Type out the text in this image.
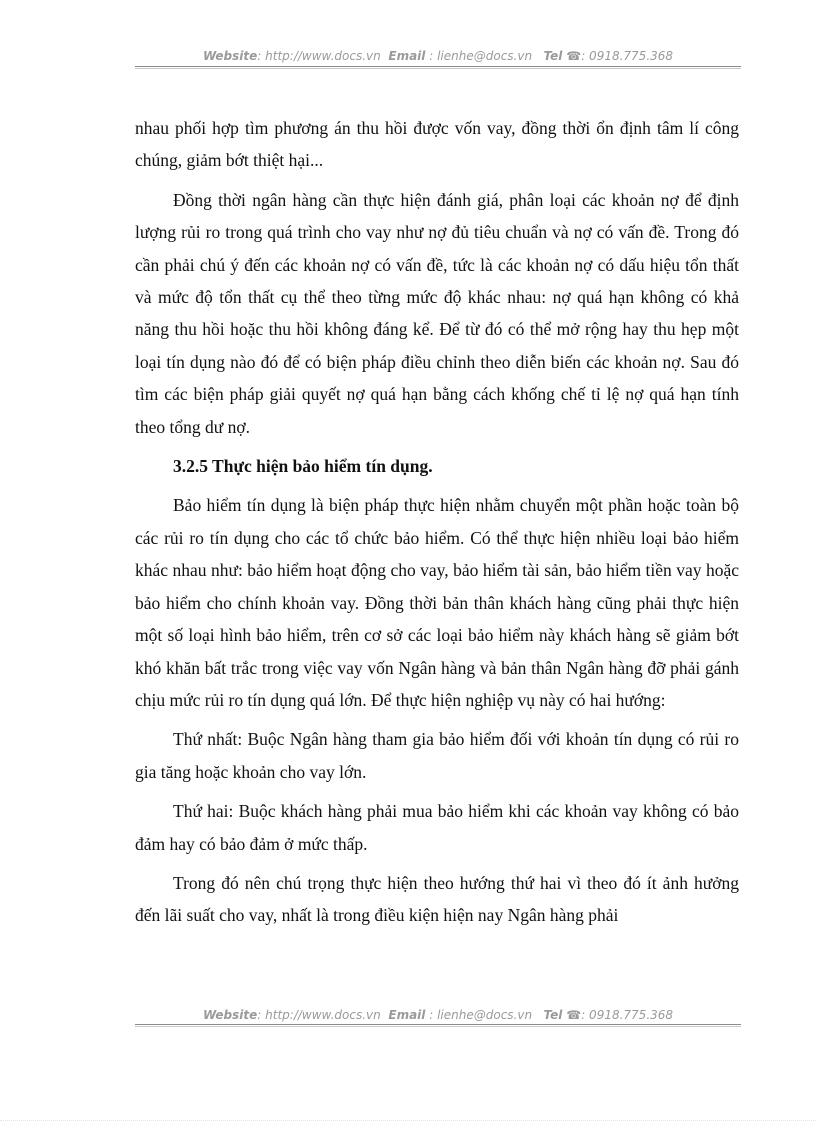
Website: http://www.docs.vn Email : lienhe@docs.vn Tel ☎: 0918.775.368

nhau phối hợp tìm phương án thu hồi được vốn vay, đồng thời ổn định tâm lí công chúng, giảm bớt thiệt hại...

Đồng thời ngân hàng cần thực hiện đánh giá, phân loại các khoản nợ để định lượng rủi ro trong quá trình cho vay như nợ đủ tiêu chuẩn và nợ có vấn đề. Trong đó cần phải chú ý đến các khoản nợ có vấn đề, tức là các khoản nợ có dấu hiệu tổn thất và mức độ tổn thất cụ thể theo từng mức độ khác nhau: nợ quá hạn không có khả năng thu hồi hoặc thu hồi không đáng kể. Để từ đó có thể mở rộng hay thu hẹp một loại tín dụng nào đó để có biện pháp điều chỉnh theo diễn biến các khoản nợ. Sau đó tìm các biện pháp giải quyết nợ quá hạn bằng cách khống chế tỉ lệ nợ quá hạn tính theo tổng dư nợ.

3.2.5 Thực hiện bảo hiểm tín dụng.

Bảo hiểm tín dụng là biện pháp thực hiện nhằm chuyển một phần hoặc toàn bộ các rủi ro tín dụng cho các tổ chức bảo hiểm. Có thể thực hiện nhiều loại bảo hiểm khác nhau như: bảo hiểm hoạt động cho vay, bảo hiểm tài sản, bảo hiểm tiền vay hoặc bảo hiểm cho chính khoản vay. Đồng thời bản thân khách hàng cũng phải thực hiện một số loại hình bảo hiểm, trên cơ sở các loại bảo hiểm này khách hàng sẽ giảm bớt khó khăn bất trắc trong việc vay vốn Ngân hàng và bản thân Ngân hàng đỡ phải gánh chịu mức rủi ro tín dụng quá lớn. Để thực hiện nghiệp vụ này có hai hướng:

Thứ nhất: Buộc Ngân hàng tham gia bảo hiểm đối với khoản tín dụng có rủi ro gia tăng hoặc khoản cho vay lớn.

Thứ hai: Buộc khách hàng phải mua bảo hiểm khi các khoản vay không có bảo đảm hay có bảo đảm ở mức thấp.

Trong đó nên chú trọng thực hiện theo hướng thứ hai vì theo đó ít ảnh hưởng đến lãi suất cho vay, nhất là trong điều kiện hiện nay Ngân hàng phải

Website: http://www.docs.vn Email : lienhe@docs.vn Tel ☎: 0918.775.368
